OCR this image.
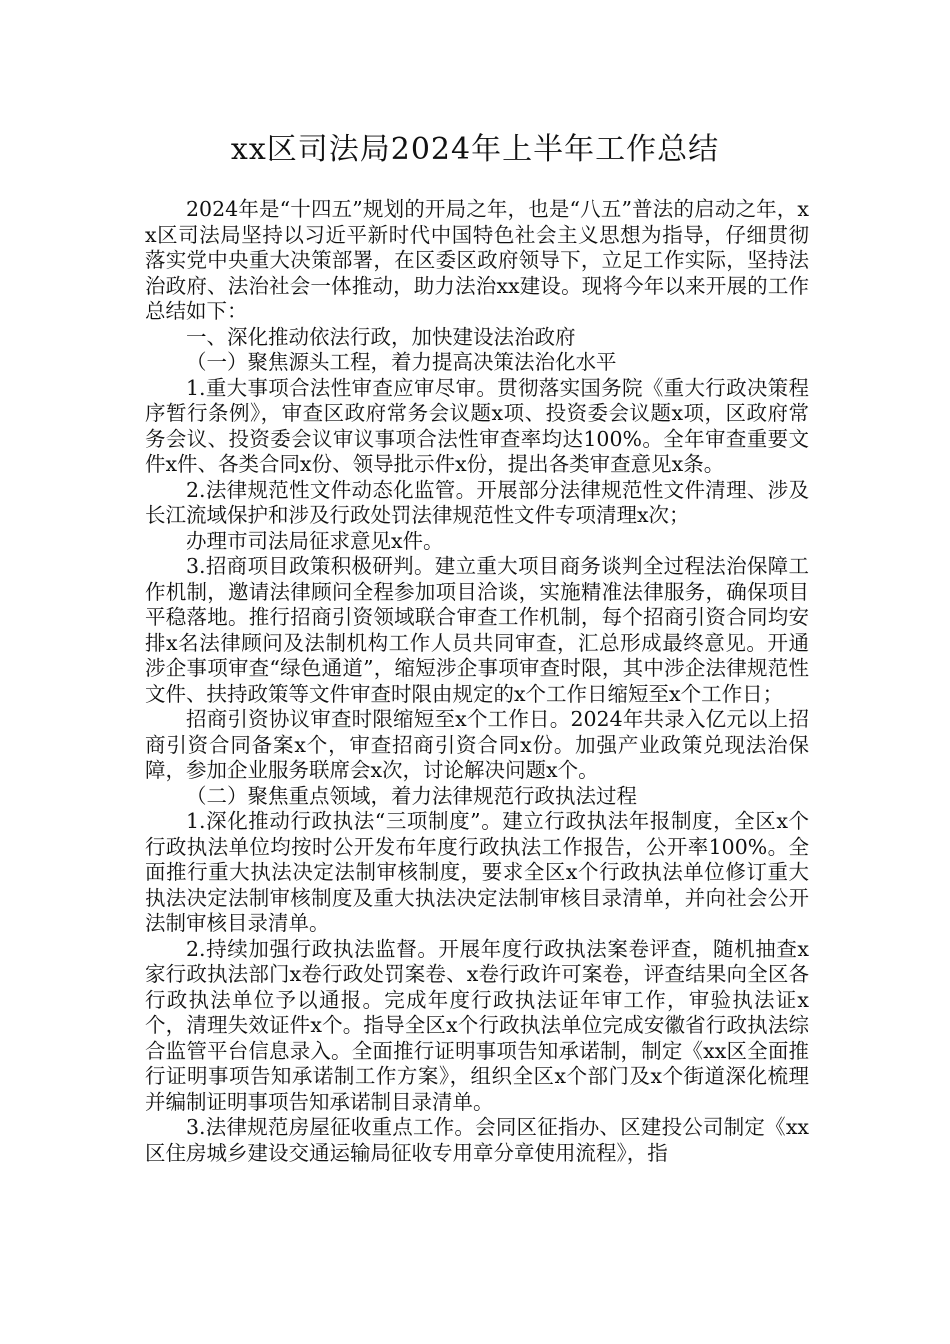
xx区司法局2024年上半年工作总结

2024年是“十四五”规划的开局之年，也是“八五”普法的启动之年，xx区司法局坚持以习近平新时代中国特色社会主义思想为指导，仔细贯彻落实党中央重大决策部署，在区委区政府领导下，立足工作实际，坚持法治政府、法治社会一体推动，助力法治xx建设。现将今年以来开展的工作总结如下：

一、深化推动依法行政，加快建设法治政府

（一）聚焦源头工程，着力提高决策法治化水平

1.重大事项合法性审查应审尽审。贯彻落实国务院《重大行政决策程序暂行条例》，审查区政府常务会议题x项、投资委会议题x项，区政府常务会议、投资委会议审议事项合法性审查率均达100%。全年审查重要文件x件、各类合同x份、领导批示件x份，提出各类审查意见x条。

2.法律规范性文件动态化监管。开展部分法律规范性文件清理、涉及长江流域保护和涉及行政处罚法律规范性文件专项清理x次；

办理市司法局征求意见x件。

3.招商项目政策积极研判。建立重大项目商务谈判全过程法治保障工作机制，邀请法律顾问全程参加项目洽谈，实施精准法律服务，确保项目平稳落地。推行招商引资领域联合审查工作机制，每个招商引资合同均安排x名法律顾问及法制机构工作人员共同审查，汇总形成最终意见。开通涉企事项审查“绿色通道”，缩短涉企事项审查时限，其中涉企法律规范性文件、扶持政策等文件审查时限由规定的x个工作日缩短至x个工作日；

招商引资协议审查时限缩短至x个工作日。2024年共录入亿元以上招商引资合同备案x个，审查招商引资合同x份。加强产业政策兑现法治保障，参加企业服务联席会x次，讨论解决问题x个。

（二）聚焦重点领域，着力法律规范行政执法过程

1.深化推动行政执法“三项制度”。建立行政执法年报制度，全区x个行政执法单位均按时公开发布年度行政执法工作报告，公开率100%。全面推行重大执法决定法制审核制度，要求全区x个行政执法单位修订重大执法决定法制审核制度及重大执法决定法制审核目录清单，并向社会公开法制审核目录清单。

2.持续加强行政执法监督。开展年度行政执法案卷评查，随机抽查x家行政执法部门x卷行政处罚案卷、x卷行政许可案卷，评查结果向全区各行政执法单位予以通报。完成年度行政执法证年审工作，审验执法证x个，清理失效证件x个。指导全区x个行政执法单位完成安徽省行政执法综合监管平台信息录入。全面推行证明事项告知承诺制，制定《xx区全面推行证明事项告知承诺制工作方案》，组织全区x个部门及x个街道深化梳理并编制证明事项告知承诺制目录清单。

3.法律规范房屋征收重点工作。会同区征指办、区建投公司制定《xx区住房城乡建设交通运输局征收专用章分章使用流程》，指
